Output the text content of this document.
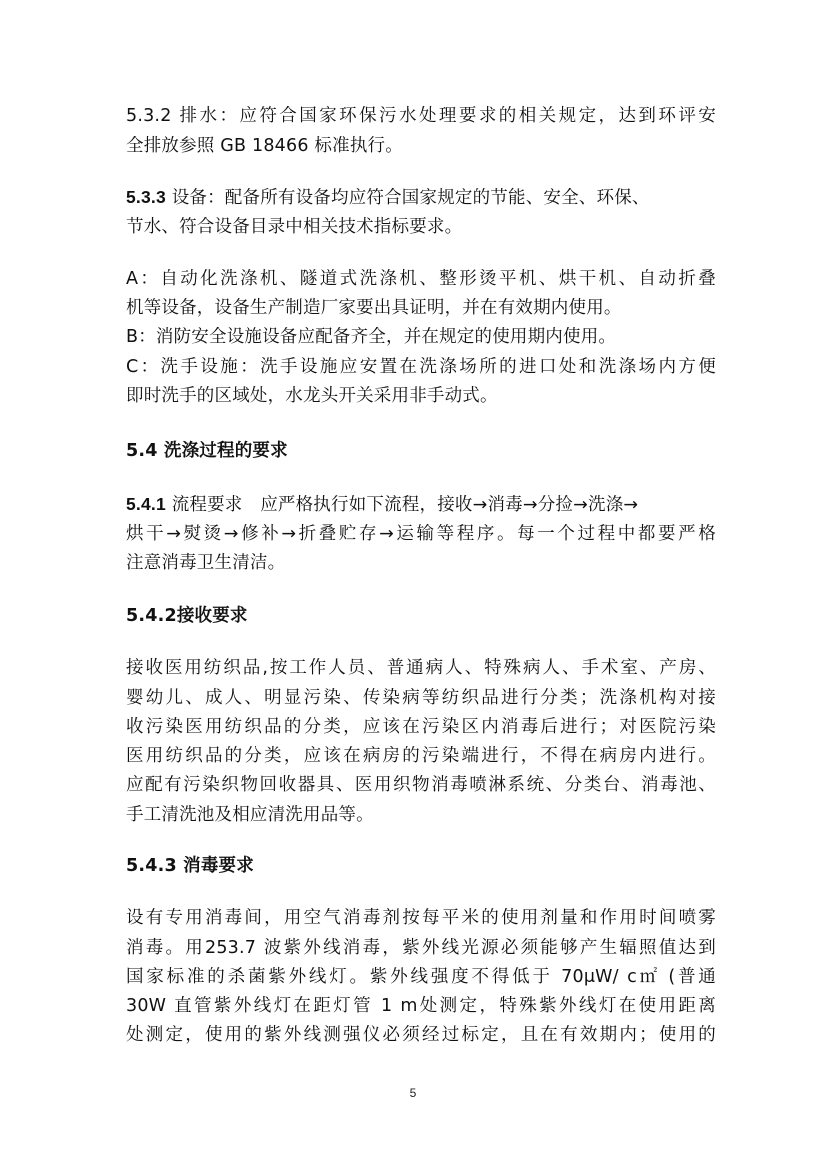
5.3.2 排水：应符合国家环保污水处理要求的相关规定，达到环评安
全排放参照 GB 18466 标准执行。
5.3.3 设备：配备所有设备均应符合国家规定的节能、安全、环保、
节水、符合设备目录中相关技术指标要求。
A：自动化洗涤机、隧道式洗涤机、整形烫平机、烘干机、自动折叠
机等设备，设备生产制造厂家要出具证明，并在有效期内使用。
B：消防安全设施设备应配备齐全，并在规定的使用期内使用。
C：洗手设施：洗手设施应安置在洗涤场所的进口处和洗涤场内方便
即时洗手的区域处，水龙头开关采用非手动式。
5.4 洗涤过程的要求
5.4.1 流程要求　应严格执行如下流程，接收→消毒→分捡→洗涤→
烘干→熨烫→修补→折叠贮存→运输等程序。每一个过程中都要严格
注意消毒卫生清洁。
5.4.2接收要求
接收医用纺织品,按工作人员、普通病人、特殊病人、手术室、产房、
婴幼儿、成人、明显污染、传染病等纺织品进行分类；洗涤机构对接
收污染医用纺织品的分类，应该在污染区内消毒后进行；对医院污染
医用纺织品的分类，应该在病房的污染端进行，不得在病房内进行。
应配有污染织物回收器具、医用织物消毒喷淋系统、分类台、消毒池、
手工清洗池及相应清洗用品等。
5.4.3 消毒要求
设有专用消毒间，用空气消毒剂按每平米的使用剂量和作用时间喷雾
消毒。用253.7 波紫外线消毒，紫外线光源必须能够产生辐照值达到
国家标准的杀菌紫外线灯。紫外线强度不得低于 70μW/ c㎡ (普通
30W 直管紫外线灯在距灯管 1 m处测定，特殊紫外线灯在使用距离
处测定，使用的紫外线测强仪必须经过标定，且在有效期内；使用的
5
